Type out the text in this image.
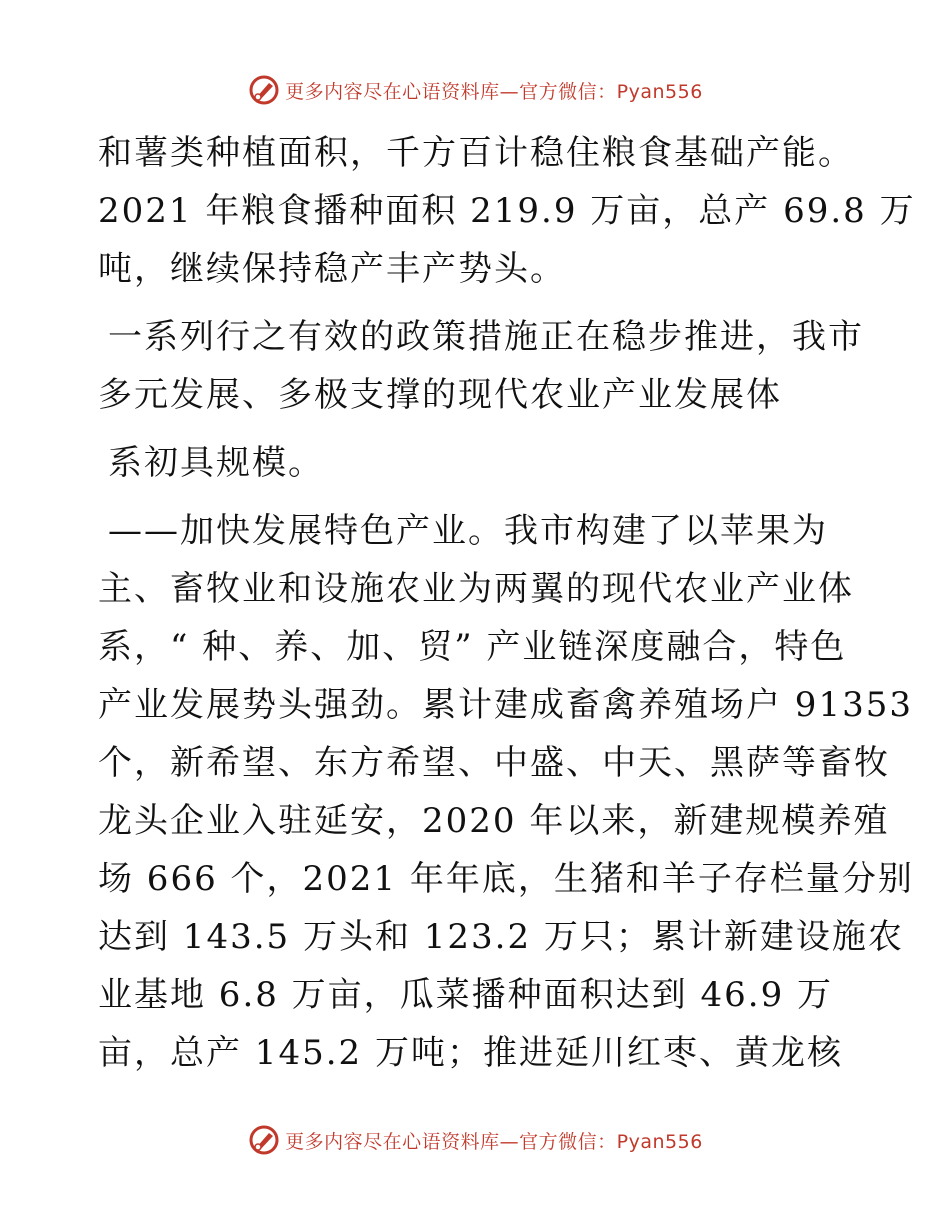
更多内容尽在心语资料库—官方微信：Pyan556
和薯类种植面积，千方百计稳住粮食基础产能。
2021 年粮食播种面积 219.9 万亩，总产 69.8 万
吨，继续保持稳产丰产势头。
一系列行之有效的政策措施正在稳步推进，我市
多元发展、多极支撑的现代农业产业发展体
系初具规模。
——加快发展特色产业。我市构建了以苹果为
主、畜牧业和设施农业为两翼的现代农业产业体
系，“ 种、养、加、贸” 产业链深度融合，特色
产业发展势头强劲。累计建成畜禽养殖场户 91353
个，新希望、东方希望、中盛、中天、黑萨等畜牧
龙头企业入驻延安，2020 年以来，新建规模养殖
场 666 个，2021 年年底，生猪和羊子存栏量分别
达到 143.5 万头和 123.2 万只；累计新建设施农
业基地 6.8 万亩，瓜菜播种面积达到 46.9 万
亩，总产 145.2 万吨；推进延川红枣、黄龙核
更多内容尽在心语资料库—官方微信：Pyan556
